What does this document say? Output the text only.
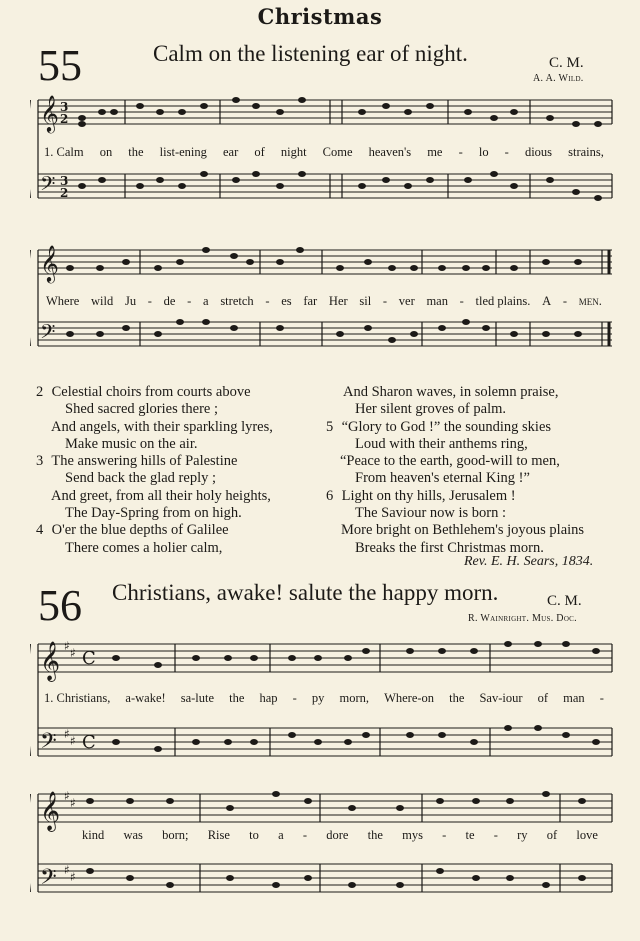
Christmas
55	Calm on the listening ear of night.	C. M.
A. A. Wild.
𝄞
𝄢
3
2
3
2
1. Calm on the list-ening ear of night Come heaven's me - lo - dious strains,
𝄞
𝄢
Where wild Ju - de - a stretch - es far Her sil - ver man - tled plains. A - men.
2 Celestial choirs from courts above
Shed sacred glories there ;
And angels, with their sparkling lyres,
Make music on the air.
3 The answering hills of Palestine
Send back the glad reply ;
And greet, from all their holy heights,
The Day-Spring from on high.
4 O'er the blue depths of Galilee
There comes a holier calm,
And Sharon waves, in solemn praise,
Her silent groves of palm.
5 “Glory to God !” the sounding skies
Loud with their anthems ring,
“Peace to the earth, good-will to men,
From heaven's eternal King !”
6 Light on thy hills, Jerusalem !
The Saviour now is born :
More bright on Bethlehem's joyous plains
Breaks the first Christmas morn.
Rev. E. H. Sears, 1834.
56 Christians, awake! salute the happy morn.	C. M.
R. Wainright. Mus. Doc.
𝄞
𝄢
♯ ♯
♯ ♯
C
C
1. Christians, a-wake! sa-lute the hap - py morn, Where-on the Sav-iour of man -
𝄞
𝄢
♯ ♯
♯ ♯
kind was born; Rise to a - dore the mys - te - ry of love
